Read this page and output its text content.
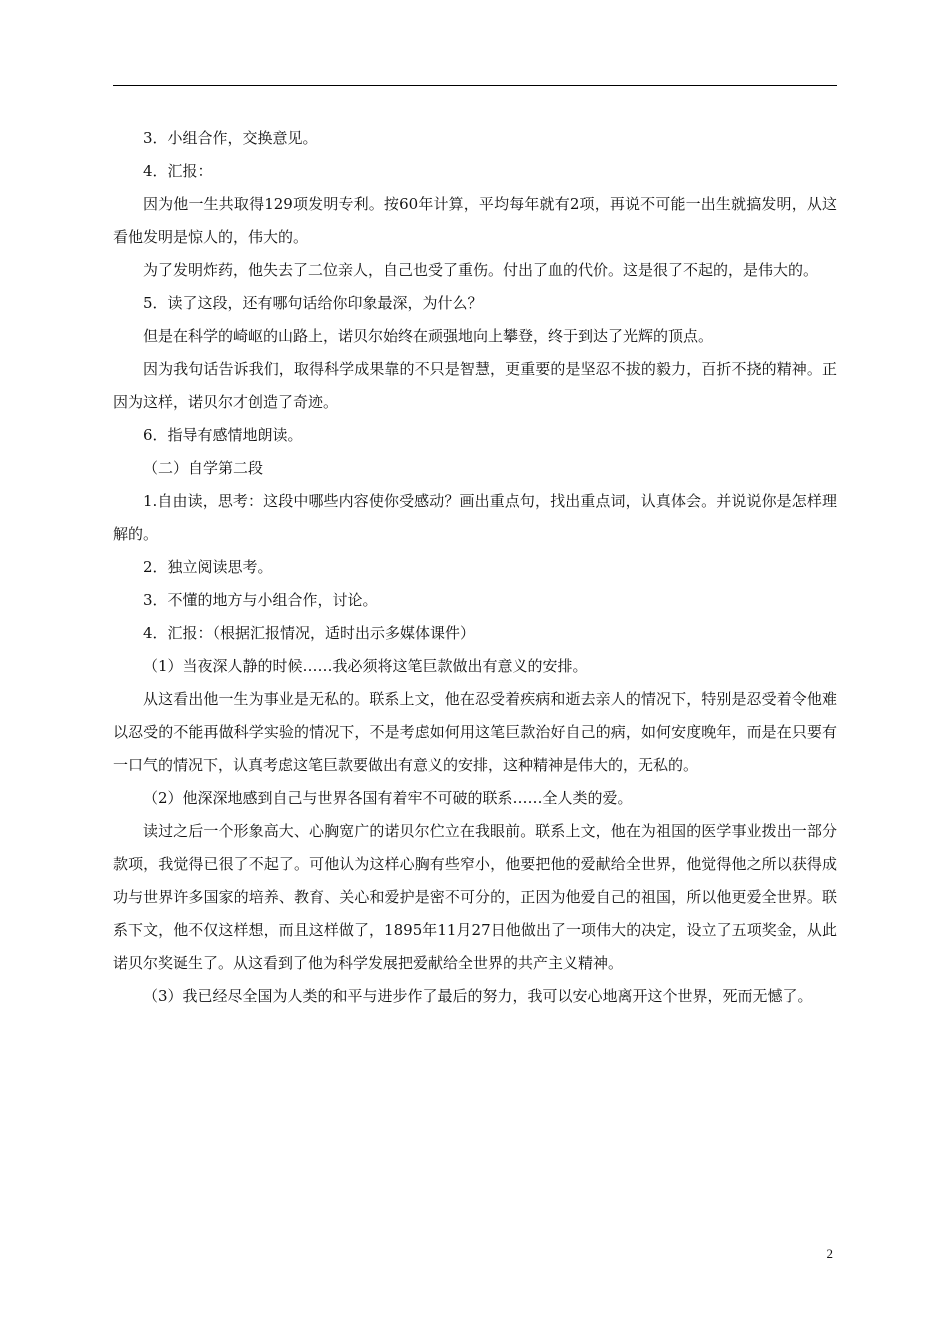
3．小组合作，交换意见。

4．汇报：

因为他一生共取得129项发明专利。按60年计算，平均每年就有2项，再说不可能一出生就搞发明，从这看他发明是惊人的，伟大的。

为了发明炸药，他失去了二位亲人，自己也受了重伤。付出了血的代价。这是很了不起的，是伟大的。

5．读了这段，还有哪句话给你印象最深，为什么？

但是在科学的崎岖的山路上，诺贝尔始终在顽强地向上攀登，终于到达了光辉的顶点。

因为我句话告诉我们，取得科学成果靠的不只是智慧，更重要的是坚忍不拔的毅力，百折不挠的精神。正因为这样，诺贝尔才创造了奇迹。

6．指导有感情地朗读。

（二）自学第二段

1.自由读，思考：这段中哪些内容使你受感动？画出重点句，找出重点词，认真体会。并说说你是怎样理解的。

2．独立阅读思考。

3．不懂的地方与小组合作，讨论。

4．汇报：（根据汇报情况，适时出示多媒体课件）

（1）当夜深人静的时候……我必须将这笔巨款做出有意义的安排。

从这看出他一生为事业是无私的。联系上文，他在忍受着疾病和逝去亲人的情况下，特别是忍受着令他难以忍受的不能再做科学实验的情况下，不是考虑如何用这笔巨款治好自己的病，如何安度晚年，而是在只要有一口气的情况下，认真考虑这笔巨款要做出有意义的安排，这种精神是伟大的，无私的。

（2）他深深地感到自己与世界各国有着牢不可破的联系……全人类的爱。

读过之后一个形象高大、心胸宽广的诺贝尔伫立在我眼前。联系上文，他在为祖国的医学事业拨出一部分款项，我觉得已很了不起了。可他认为这样心胸有些窄小，他要把他的爱献给全世界，他觉得他之所以获得成功与世界许多国家的培养、教育、关心和爱护是密不可分的，正因为他爱自己的祖国，所以他更爱全世界。联系下文，他不仅这样想，而且这样做了，1895年11月27日他做出了一项伟大的决定，设立了五项奖金，从此诺贝尔奖诞生了。从这看到了他为科学发展把爱献给全世界的共产主义精神。

（3）我已经尽全国为人类的和平与进步作了最后的努力，我可以安心地离开这个世界，死而无憾了。

2
